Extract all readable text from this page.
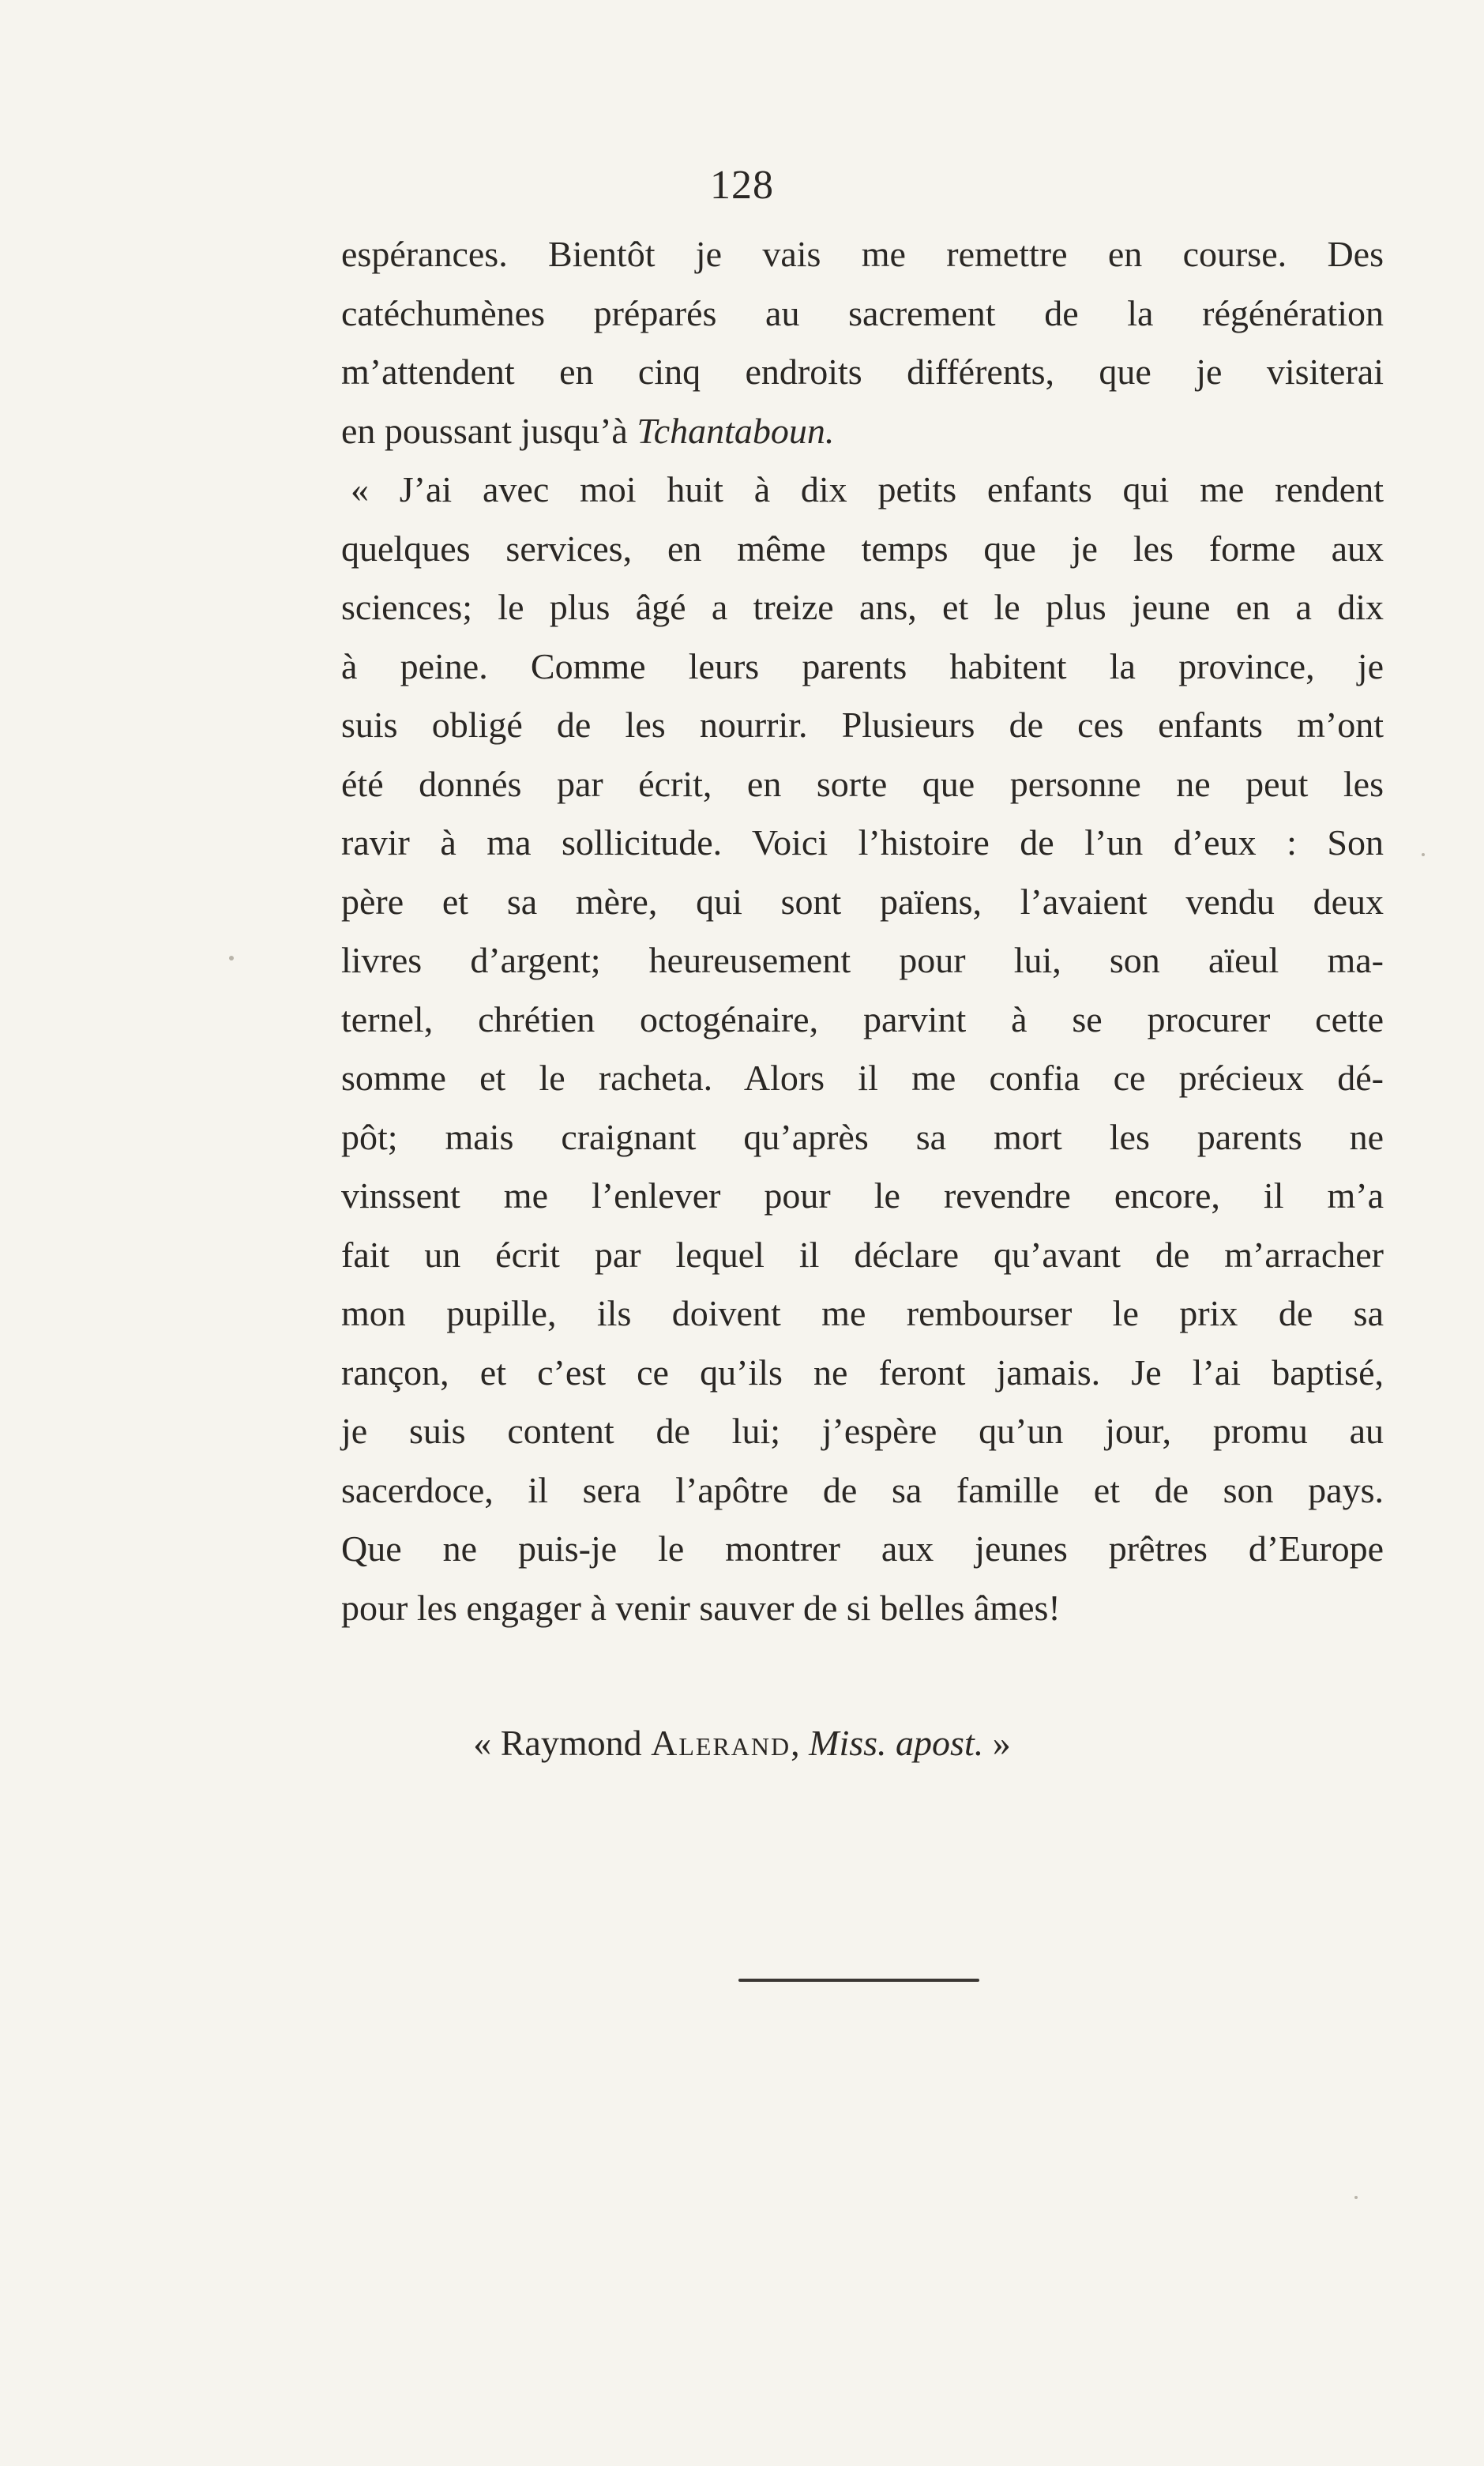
128
espérances. Bientôt je vais me remettre en course. Des
catéchumènes préparés au sacrement de la régénération
m’attendent en cinq endroits différents, que je visiterai
en poussant jusqu’à Tchantaboun.
« J’ai avec moi huit à dix petits enfants qui me rendent
quelques services, en même temps que je les forme aux
sciences; le plus âgé a treize ans, et le plus jeune en a dix
à peine. Comme leurs parents habitent la province, je
suis obligé de les nourrir. Plusieurs de ces enfants m’ont
été donnés par écrit, en sorte que personne ne peut les
ravir à ma sollicitude. Voici l’histoire de l’un d’eux : Son
père et sa mère, qui sont païens, l’avaient vendu deux
livres d’argent; heureusement pour lui, son aïeul ma-
ternel, chrétien octogénaire, parvint à se procurer cette
somme et le racheta. Alors il me confia ce précieux dé-
pôt; mais craignant qu’après sa mort les parents ne
vinssent me l’enlever pour le revendre encore, il m’a
fait un écrit par lequel il déclare qu’avant de m’arracher
mon pupille, ils doivent me rembourser le prix de sa
rançon, et c’est ce qu’ils ne feront jamais. Je l’ai baptisé,
je suis content de lui; j’espère qu’un jour, promu au
sacerdoce, il sera l’apôtre de sa famille et de son pays.
Que ne puis-je le montrer aux jeunes prêtres d’Europe
pour les engager à venir sauver de si belles âmes!
« Raymond Alerand, Miss. apost. »
